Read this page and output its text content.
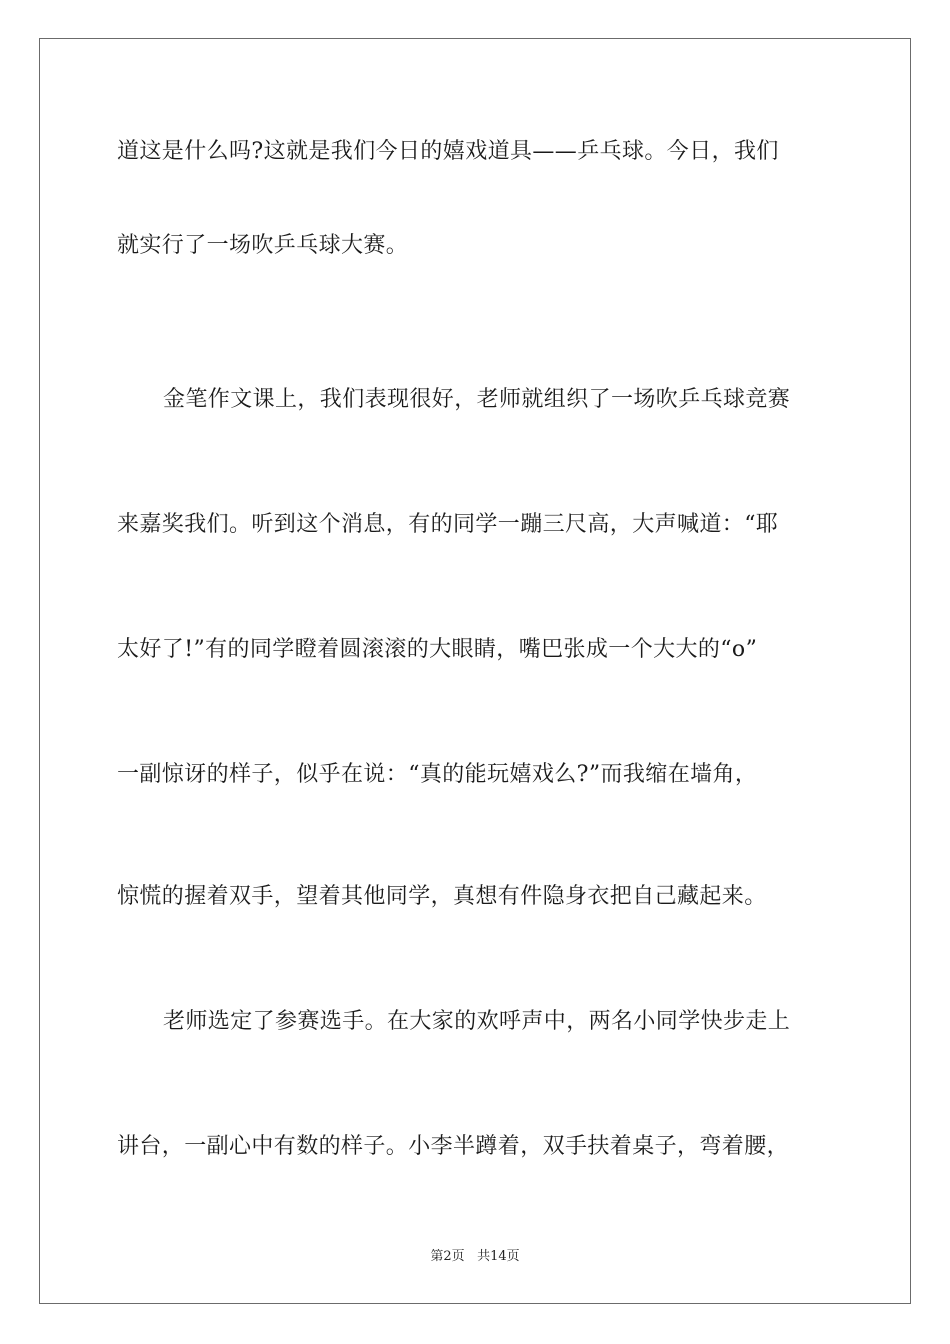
道这是什么吗?这就是我们今日的嬉戏道具——乒乓球。今日，我们
就实行了一场吹乒乓球大赛。
金笔作文课上，我们表现很好，老师就组织了一场吹乒乓球竞赛
来嘉奖我们。听到这个消息，有的同学一蹦三尺高，大声喊道：“耶
太好了!”有的同学瞪着圆滚滚的大眼睛，嘴巴张成一个大大的“o”
一副惊讶的样子，似乎在说：“真的能玩嬉戏么?”而我缩在墙角，
惊慌的握着双手，望着其他同学，真想有件隐身衣把自己藏起来。
老师选定了参赛选手。在大家的欢呼声中，两名小同学快步走上
讲台，一副心中有数的样子。小李半蹲着，双手扶着桌子，弯着腰，
第2页 共14页
